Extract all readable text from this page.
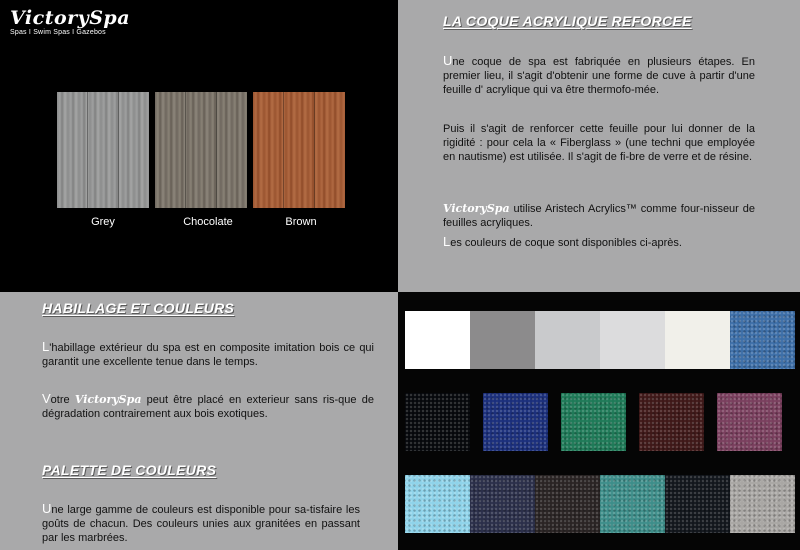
VictorySpa
Spas I Swim Spas I Gazebos
Grey	Chocolate	Brown
LA COQUE ACRYLIQUE REFORCEE
Une coque de spa est fabriquée en plusieurs étapes. En premier lieu, il s'agit d'obtenir une forme de cuve à partir d'une feuille d' acrylique qui va être thermofo-mée.
Puis il s'agit de renforcer cette feuille pour lui donner de la rigidité : pour cela la « Fiberglass » (une techni que employée en nautisme) est utilisée. Il s'agit de fi-bre de verre et de résine.
VictorySpa utilise Aristech Acrylics™ comme four-nisseur de feuilles acryliques.
Les couleurs de coque sont disponibles ci-après.
HABILLAGE ET COULEURS
L'habillage extérieur du spa est en composite imitation bois ce qui garantit une excellente tenue dans le temps.
Votre VictorySpa peut être placé en exterieur sans ris-que de dégradation contrairement aux bois exotiques.
PALETTE DE COULEURS
Une large gamme de couleurs est disponible pour sa-tisfaire les goûts de chacun. Des couleurs unies aux granitées en passant par les marbrées.
